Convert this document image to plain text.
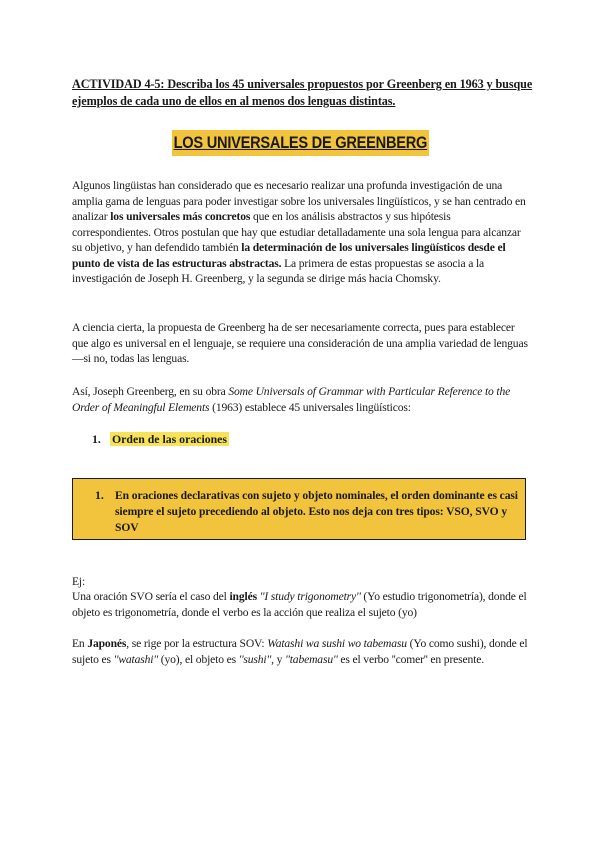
ACTIVIDAD 4-5: Describa los 45 universales propuestos por Greenberg en 1963 y busque ejemplos de cada uno de ellos en al menos dos lenguas distintas.
LOS UNIVERSALES DE GREENBERG

Algunos lingüistas han considerado que es necesario realizar una profunda investigación de una amplia gama de lenguas para poder investigar sobre los universales lingüísticos, y se han centrado en analizar los universales más concretos que en los análisis abstractos y sus hipótesis correspondientes. Otros postulan que hay que estudiar detalladamente una sola lengua para alcanzar su objetivo, y han defendido también la determinación de los universales lingüísticos desde el punto de vista de las estructuras abstractas. La primera de estas propuestas se asocia a la investigación de Joseph H. Greenberg, y la segunda se dirige más hacia Chomsky.

A ciencia cierta, la propuesta de Greenberg ha de ser necesariamente correcta, pues para establecer que algo es universal en el lenguaje, se requiere una consideración de una amplia variedad de lenguas—si no, todas las lenguas.

Así, Joseph Greenberg, en su obra Some Universals of Grammar with Particular Reference to the Order of Meaningful Elements (1963) establece 45 universales lingüísticos:

1. Orden de las oraciones
1. En oraciones declarativas con sujeto y objeto nominales, el orden dominante es casi siempre el sujeto precediendo al objeto. Esto nos deja con tres tipos: VSO, SVO y SOV

Ej:

Una oración SVO sería el caso del inglés ''I study trigonometry'' (Yo estudio trigonometría), donde el objeto es trigonometría, donde el verbo es la acción que realiza el sujeto (yo)

En Japonés, se rige por la estructura SOV: Watashi wa sushi wo tabemasu (Yo como sushi), donde el sujeto es ''watashi'' (yo), el objeto es ''sushi'', y ''tabemasu'' es el verbo ''comer'' en presente.
